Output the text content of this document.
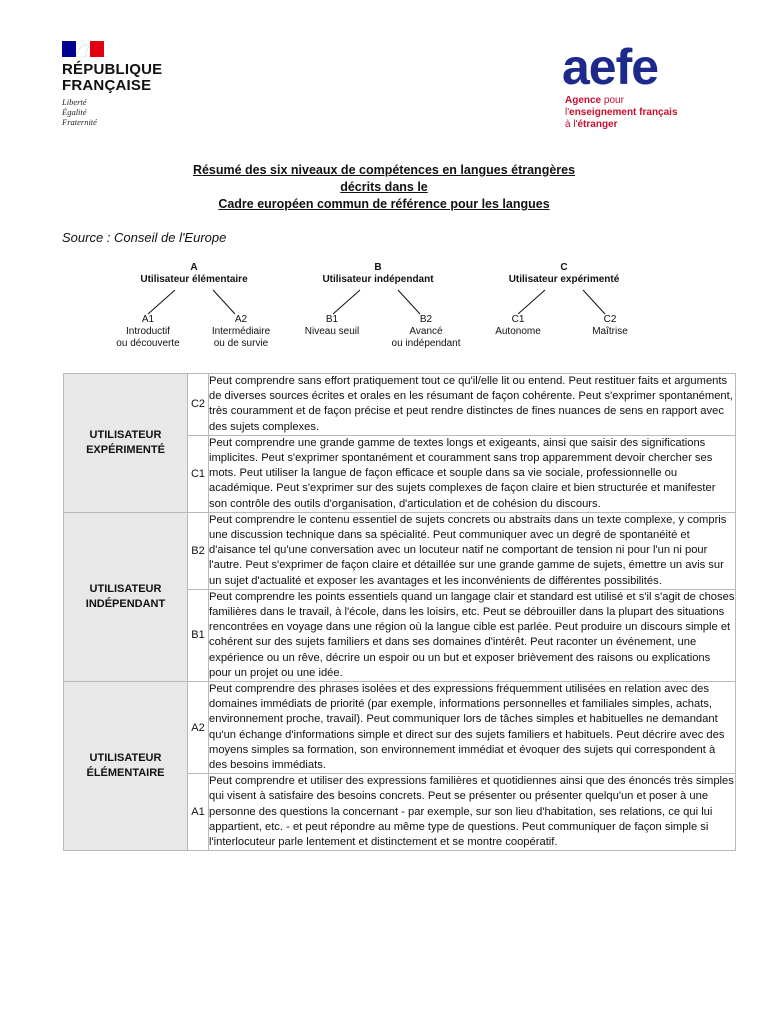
RÉPUBLIQUE
FRANÇAISE
Liberté
Égalité
Fraternité
aefe
Agence pour
l'enseignement français
à l'étranger
Résumé des six niveaux de compétences en langues étrangères
décrits dans le
Cadre européen commun de référence pour les langues
Source : Conseil de l'Europe
A
Utilisateur élémentaire
B
Utilisateur indépendant
C
Utilisateur expérimenté
A1
Introductif
ou découverte
A2
Intermédiaire
ou de survie
B1
Niveau seuil
B2
Avancé
ou indépendant
C1
Autonome
C2
Maîtrise
UTILISATEUR
EXPÉRIMENTÉ	C2	Peut comprendre sans effort pratiquement tout ce qu'il/elle lit ou entend. Peut restituer faits et arguments de diverses sources écrites et orales en les résumant de façon cohérente. Peut s'exprimer spontanément, très couramment et de façon précise et peut rendre distinctes de fines nuances de sens en rapport avec des sujets complexes.
	C1	Peut comprendre une grande gamme de textes longs et exigeants, ainsi que saisir des significations implicites. Peut s'exprimer spontanément et couramment sans trop apparemment devoir chercher ses mots. Peut utiliser la langue de façon efficace et souple dans sa vie sociale, professionnelle ou académique. Peut s'exprimer sur des sujets complexes de façon claire et bien structurée et manifester son contrôle des outils d'organisation, d'articulation et de cohésion du discours.

UTILISATEUR
INDÉPENDANT	B2	Peut comprendre le contenu essentiel de sujets concrets ou abstraits dans un texte complexe, y compris une discussion technique dans sa spécialité. Peut communiquer avec un degré de spontanéité et d'aisance tel qu'une conversation avec un locuteur natif ne comportant de tension ni pour l'un ni pour l'autre. Peut s'exprimer de façon claire et détaillée sur une grande gamme de sujets, émettre un avis sur un sujet d'actualité et exposer les avantages et les inconvénients de différentes possibilités.
	B1	Peut comprendre les points essentiels quand un langage clair et standard est utilisé et s'il s'agit de choses familières dans le travail, à l'école, dans les loisirs, etc. Peut se débrouiller dans la plupart des situations rencontrées en voyage dans une région où la langue cible est parlée. Peut produire un discours simple et cohérent sur des sujets familiers et dans ses domaines d'intérêt. Peut raconter un événement, une expérience ou un rêve, décrire un espoir ou un but et exposer brièvement des raisons ou explications pour un projet ou une idée.

UTILISATEUR
ÉLÉMENTAIRE	A2	Peut comprendre des phrases isolées et des expressions fréquemment utilisées en relation avec des domaines immédiats de priorité (par exemple, informations personnelles et familiales simples, achats, environnement proche, travail). Peut communiquer lors de tâches simples et habituelles ne demandant qu'un échange d'informations simple et direct sur des sujets familiers et habituels. Peut décrire avec des moyens simples sa formation, son environnement immédiat et évoquer des sujets qui correspondent à des besoins immédiats.
	A1	Peut comprendre et utiliser des expressions familières et quotidiennes ainsi que des énoncés très simples qui visent à satisfaire des besoins concrets. Peut se présenter ou présenter quelqu'un et poser à une personne des questions la concernant - par exemple, sur son lieu d'habitation, ses relations, ce qui lui appartient, etc. - et peut répondre au même type de questions. Peut communiquer de façon simple si l'interlocuteur parle lentement et distinctement et se montre coopératif.
